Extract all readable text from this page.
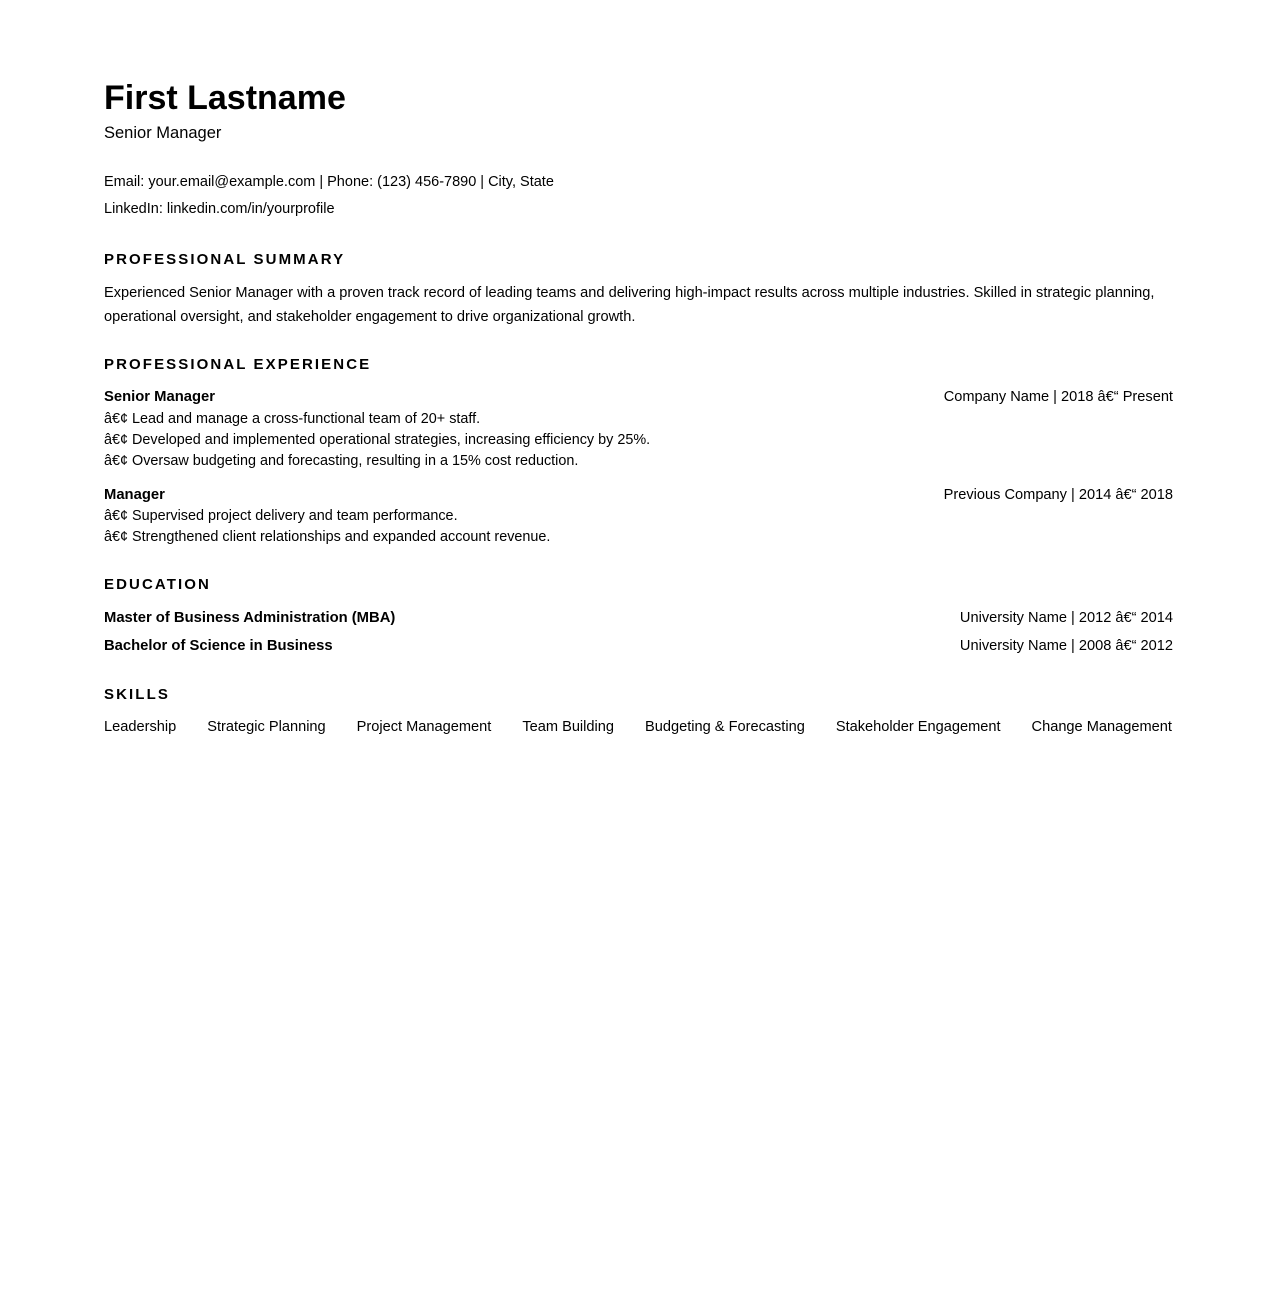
First Lastname
Senior Manager
Email: your.email@example.com | Phone: (123) 456-7890 | City, State
LinkedIn: linkedin.com/in/yourprofile
PROFESSIONAL SUMMARY

Experienced Senior Manager with a proven track record of leading teams and delivering high-impact results across multiple industries. Skilled in strategic planning, operational oversight, and stakeholder engagement to drive organizational growth.

PROFESSIONAL EXPERIENCE
Senior Manager	Company Name | 2018 â€“ Present
â€¢ Lead and manage a cross-functional team of 20+ staff.
â€¢ Developed and implemented operational strategies, increasing efficiency by 25%.
â€¢ Oversaw budgeting and forecasting, resulting in a 15% cost reduction.
Manager	Previous Company | 2014 â€“ 2018
â€¢ Supervised project delivery and team performance.
â€¢ Strengthened client relationships and expanded account revenue.
EDUCATION
Master of Business Administration (MBA)	University Name | 2012 â€“ 2014
Bachelor of Science in Business	University Name | 2008 â€“ 2012
SKILLS
Leadership Strategic Planning Project Management Team Building Budgeting & Forecasting Stakeholder Engagement Change Management
